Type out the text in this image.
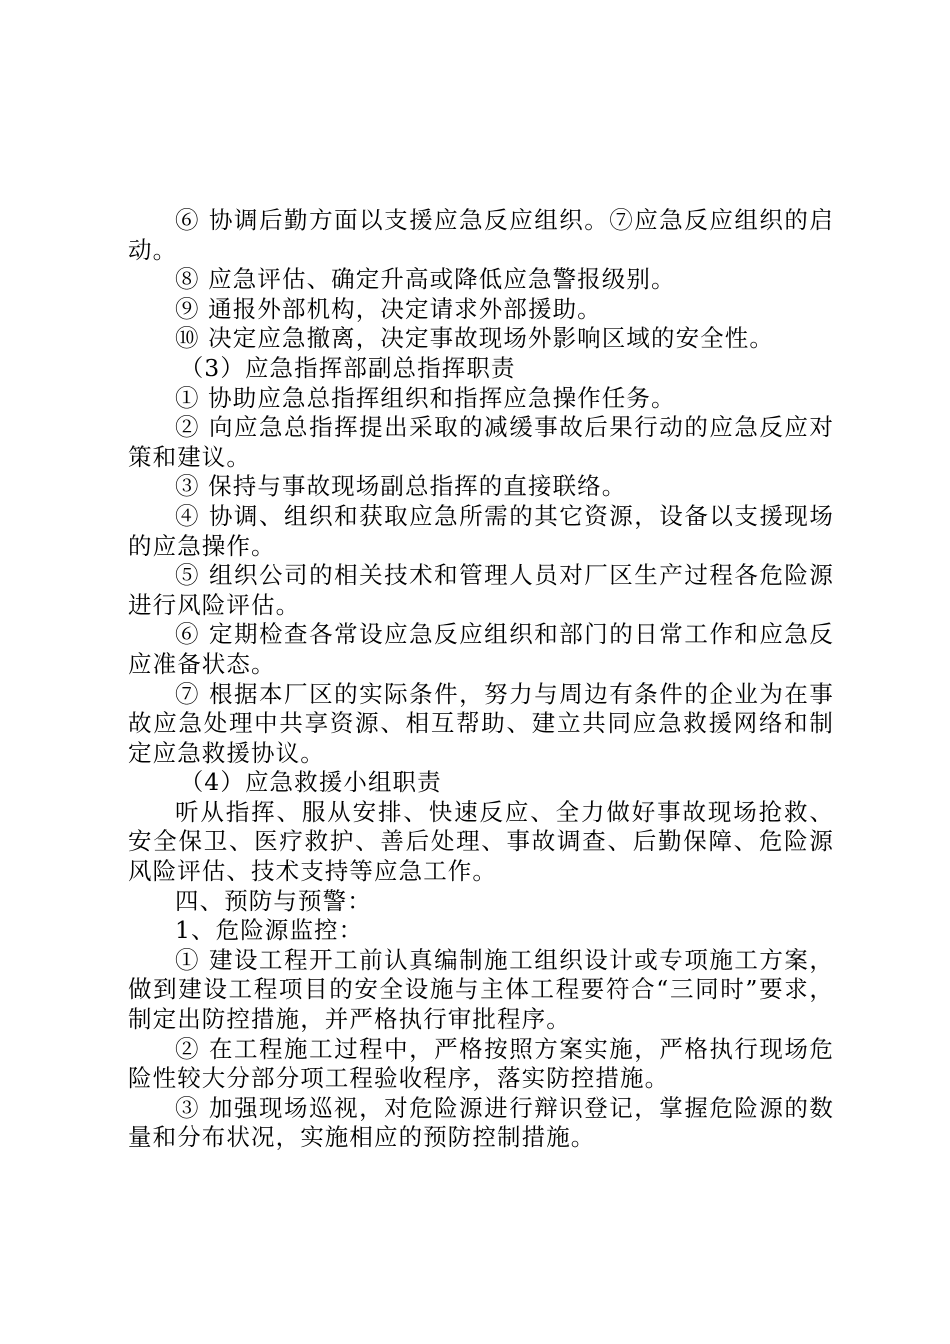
⑥ 协调后勤方面以支援应急反应组织。⑦应急反应组织的启动。

⑧ 应急评估、确定升高或降低应急警报级别。

⑨ 通报外部机构，决定请求外部援助。

⑩ 决定应急撤离，决定事故现场外影响区域的安全性。

（3）应急指挥部副总指挥职责

① 协助应急总指挥组织和指挥应急操作任务。

② 向应急总指挥提出采取的减缓事故后果行动的应急反应对策和建议。

③ 保持与事故现场副总指挥的直接联络。

④ 协调、组织和获取应急所需的其它资源，设备以支援现场的应急操作。

⑤ 组织公司的相关技术和管理人员对厂区生产过程各危险源进行风险评估。

⑥ 定期检查各常设应急反应组织和部门的日常工作和应急反应准备状态。

⑦ 根据本厂区的实际条件，努力与周边有条件的企业为在事故应急处理中共享资源、相互帮助、建立共同应急救援网络和制定应急救援协议。

（4）应急救援小组职责

听从指挥、服从安排、快速反应、全力做好事故现场抢救、安全保卫、医疗救护、善后处理、事故调查、后勤保障、危险源风险评估、技术支持等应急工作。

四、预防与预警：

1、危险源监控：

① 建设工程开工前认真编制施工组织设计或专项施工方案，做到建设工程项目的安全设施与主体工程要符合“三同时”要求，制定出防控措施，并严格执行审批程序。

② 在工程施工过程中，严格按照方案实施，严格执行现场危险性较大分部分项工程验收程序，落实防控措施。

③ 加强现场巡视，对危险源进行辩识登记，掌握危险源的数量和分布状况，实施相应的预防控制措施。
